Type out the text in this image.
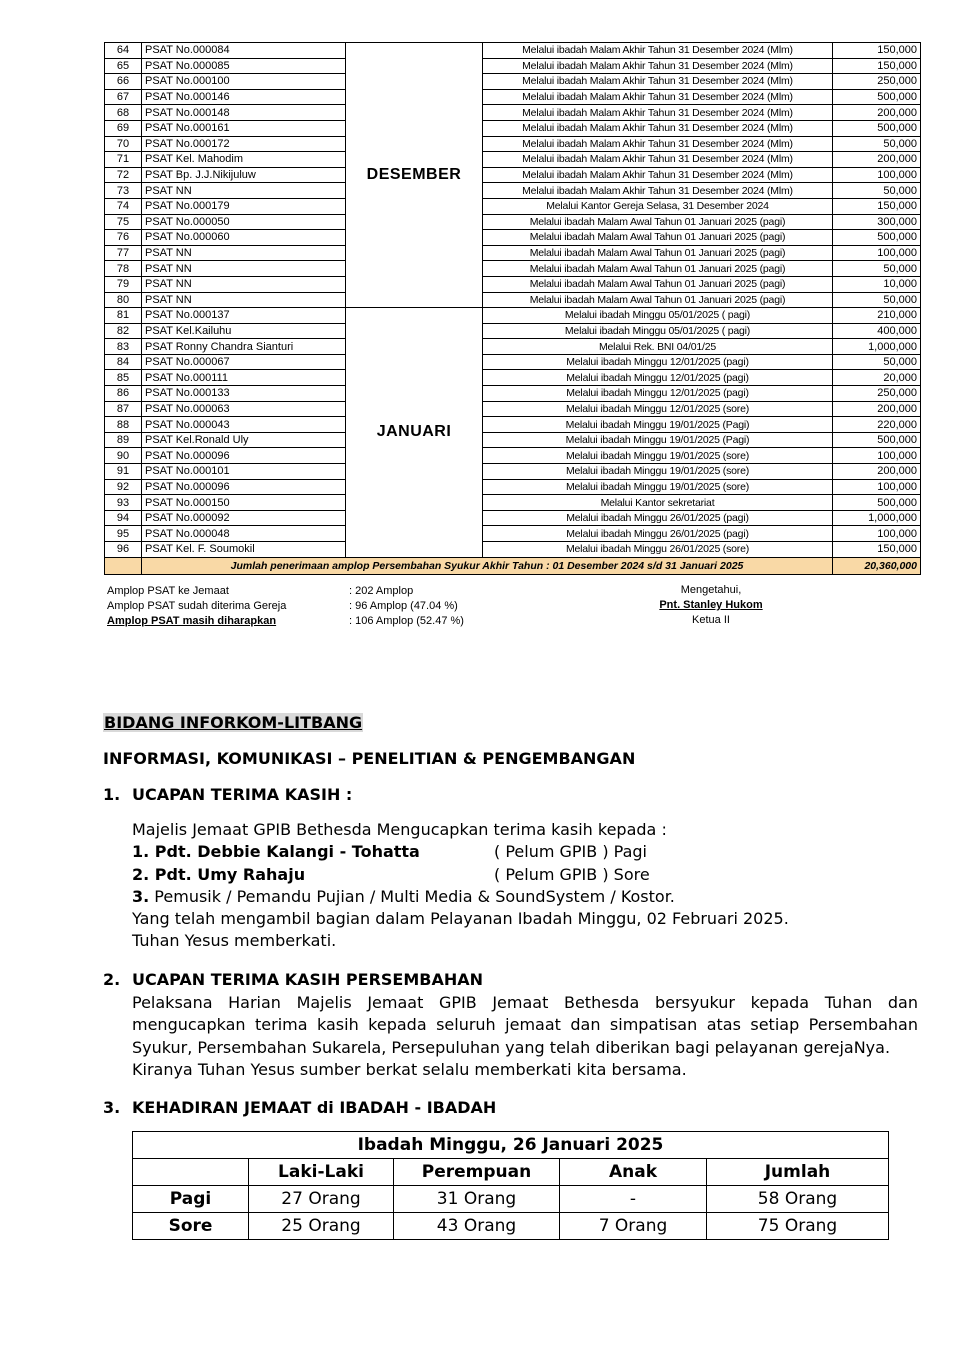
64	PSAT No.000084	DESEMBER	Melalui ibadah Malam Akhir Tahun 31 Desember 2024 (Mlm)	150,000
65	PSAT No.000085		Melalui ibadah Malam Akhir Tahun 31 Desember 2024 (Mlm)	150,000
66	PSAT No.000100		Melalui ibadah Malam Akhir Tahun 31 Desember 2024 (Mlm)	250,000
67	PSAT No.000146		Melalui ibadah Malam Akhir Tahun 31 Desember 2024 (Mlm)	500,000
68	PSAT No.000148		Melalui ibadah Malam Akhir Tahun 31 Desember 2024 (Mlm)	200,000
69	PSAT No.000161		Melalui ibadah Malam Akhir Tahun 31 Desember 2024 (Mlm)	500,000
70	PSAT No.000172		Melalui ibadah Malam Akhir Tahun 31 Desember 2024 (Mlm)	50,000
71	PSAT Kel. Mahodim		Melalui ibadah Malam Akhir Tahun 31 Desember 2024 (Mlm)	200,000
72	PSAT Bp. J.J.Nikijuluw		Melalui ibadah Malam Akhir Tahun 31 Desember 2024 (Mlm)	100,000
73	PSAT NN		Melalui ibadah Malam Akhir Tahun 31 Desember 2024 (Mlm)	50,000
74	PSAT No.000179		Melalui Kantor Gereja Selasa, 31 Desember 2024	150,000
75	PSAT No.000050		Melalui ibadah Malam Awal Tahun 01 Januari 2025 (pagi)	300,000
76	PSAT No.000060		Melalui ibadah Malam Awal Tahun 01 Januari 2025 (pagi)	500,000
77	PSAT NN		Melalui ibadah Malam Awal Tahun 01 Januari 2025 (pagi)	100,000
78	PSAT NN		Melalui ibadah Malam Awal Tahun 01 Januari 2025 (pagi)	50,000
79	PSAT NN		Melalui ibadah Malam Awal Tahun 01 Januari 2025 (pagi)	10,000
80	PSAT NN		Melalui ibadah Malam Awal Tahun 01 Januari 2025 (pagi)	50,000
81	PSAT No.000137	JANUARI	Melalui ibadah Minggu 05/01/2025 ( pagi)	210,000
82	PSAT Kel.Kailuhu		Melalui ibadah Minggu 05/01/2025 ( pagi)	400,000
83	PSAT Ronny Chandra Sianturi		Melalui Rek. BNI 04/01/25	1,000,000
84	PSAT No.000067		Melalui ibadah Minggu 12/01/2025 (pagi)	50,000
85	PSAT No.000111		Melalui ibadah Minggu 12/01/2025 (pagi)	20,000
86	PSAT No.000133		Melalui ibadah Minggu 12/01/2025 (pagi)	250,000
87	PSAT No.000063		Melalui ibadah Minggu 12/01/2025 (sore)	200,000
88	PSAT No.000043		Melalui ibadah Minggu 19/01/2025 (Pagi)	220,000
89	PSAT Kel.Ronald Uly		Melalui ibadah Minggu 19/01/2025 (Pagi)	500,000
90	PSAT No.000096		Melalui ibadah Minggu 19/01/2025 (sore)	100,000
91	PSAT No.000101		Melalui ibadah Minggu 19/01/2025 (sore)	200,000
92	PSAT No.000096		Melalui ibadah Minggu 19/01/2025 (sore)	100,000
93	PSAT No.000150		Melalui Kantor sekretariat	500,000
94	PSAT No.000092		Melalui ibadah Minggu 26/01/2025 (pagi)	1,000,000
95	PSAT No.000048		Melalui ibadah Minggu 26/01/2025 (pagi)	100,000
96	PSAT Kel. F. Soumokil		Melalui ibadah Minggu 26/01/2025 (sore)	150,000
	Jumlah penerimaan amplop Persembahan Syukur Akhir Tahun : 01 Desember 2024 s/d 31 Januari 2025			20,360,000
Amplop PSAT ke Jemaat	: 202 Amplop
Amplop PSAT sudah diterima Gereja	: 96 Amplop (47.04 %)
Amplop PSAT masih diharapkan	: 106 Amplop (52.47 %)
Mengetahui,
Pnt. Stanley Hukom
Ketua II
BIDANG INFORKOM-LITBANG
INFORMASI, KOMUNIKASI – PENELITIAN & PENGEMBANGAN
1. UCAPAN TERIMA KASIH :
Majelis Jemaat GPIB Bethesda Mengucapkan terima kasih kepada :
1. Pdt. Debbie Kalangi - Tohatta	( Pelum GPIB ) Pagi
2. Pdt. Umy Rahaju	( Pelum GPIB ) Sore
3. Pemusik / Pemandu Pujian / Multi Media & SoundSystem / Kostor.
Yang telah mengambil bagian dalam Pelayanan Ibadah Minggu, 02 Februari 2025.
Tuhan Yesus memberkati.
2. UCAPAN TERIMA KASIH PERSEMBAHAN
Pelaksana Harian Majelis Jemaat GPIB Jemaat Bethesda bersyukur kepada Tuhan dan mengucapkan terima kasih kepada seluruh jemaat dan simpatisan atas setiap Persembahan Syukur, Persembahan Sukarela, Persepuluhan yang telah diberikan bagi pelayanan gerejaNya.
Kiranya Tuhan Yesus sumber berkat selalu memberkati kita bersama.
3. KEHADIRAN JEMAAT di IBADAH - IBADAH
Ibadah Minggu, 26 Januari 2025				
	Laki-Laki	Perempuan	Anak	Jumlah
Pagi	27 Orang	31 Orang	-	58 Orang
Sore	25 Orang	43 Orang	7 Orang	75 Orang
